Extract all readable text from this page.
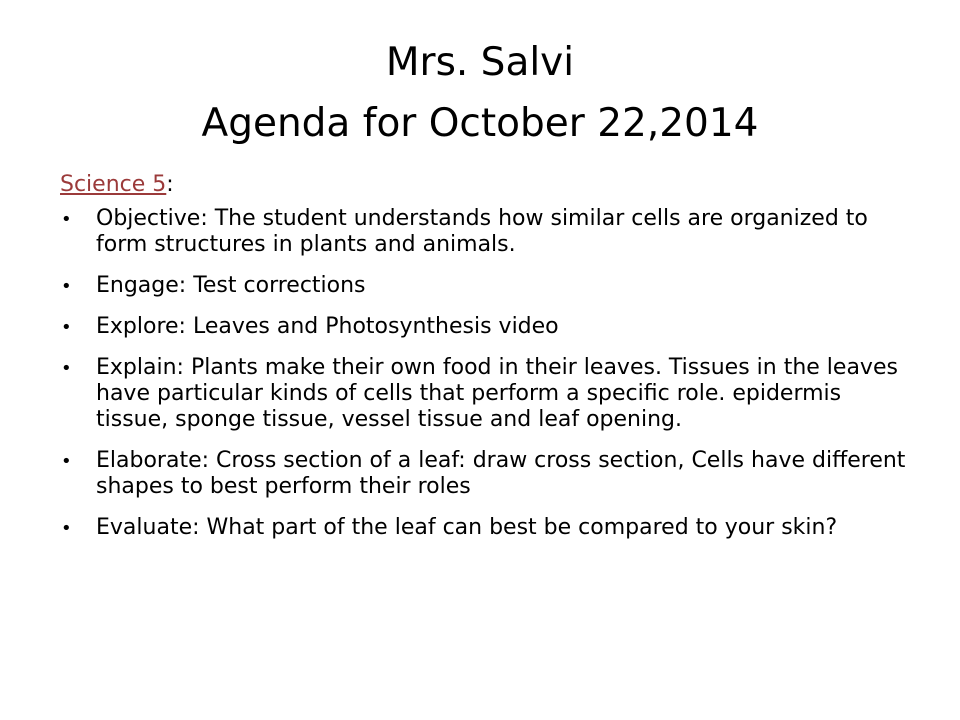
Mrs. Salvi
Agenda for October 22,2014
Science 5:
• Objective: The student understands how similar cells are organized to form structures in plants and animals.
• Engage: Test corrections
• Explore: Leaves and Photosynthesis video
• Explain: Plants make their own food in their leaves. Tissues in the leaves have particular kinds of cells that perform a specific role. epidermis tissue, sponge tissue, vessel tissue and leaf opening.
• Elaborate: Cross section of a leaf: draw cross section, Cells have different shapes to best perform their roles
• Evaluate: What part of the leaf can best be compared to your skin?
